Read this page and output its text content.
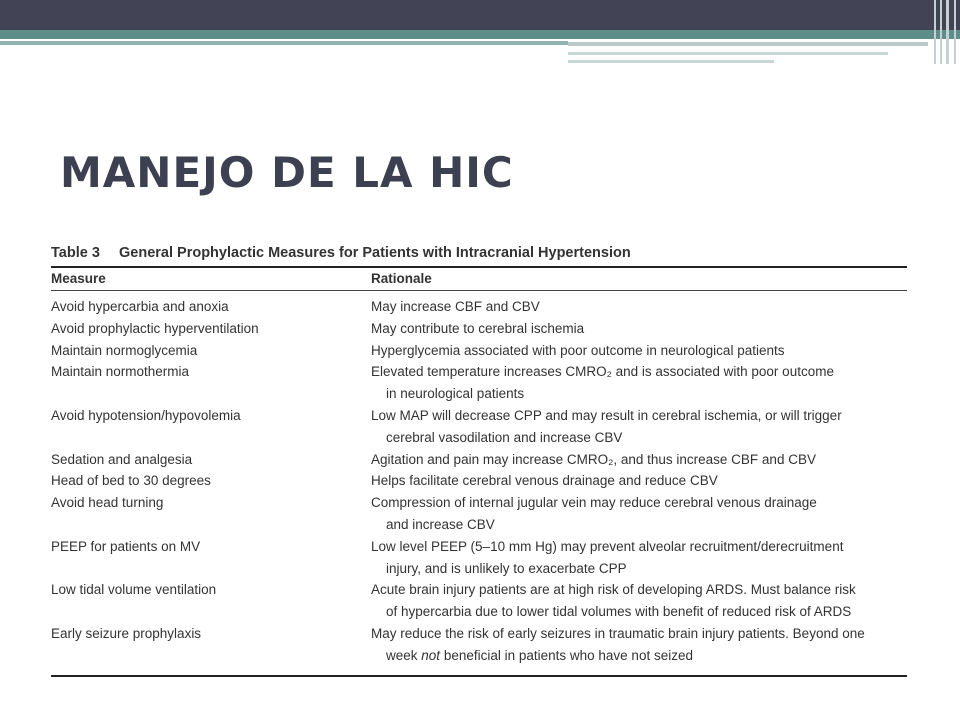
MANEJO DE LA HIC
Table 3 General Prophylactic Measures for Patients with Intracranial Hypertension
Measure	Rationale
Avoid hypercarbia and anoxia	May increase CBF and CBV
Avoid prophylactic hyperventilation	May contribute to cerebral ischemia
Maintain normoglycemia	Hyperglycemia associated with poor outcome in neurological patients
Maintain normothermia	Elevated temperature increases CMRO₂ and is associated with poor outcome
in neurological patients
Avoid hypotension/hypovolemia	Low MAP will decrease CPP and may result in cerebral ischemia, or will trigger
cerebral vasodilation and increase CBV
Sedation and analgesia	Agitation and pain may increase CMRO₂, and thus increase CBF and CBV
Head of bed to 30 degrees	Helps facilitate cerebral venous drainage and reduce CBV
Avoid head turning	Compression of internal jugular vein may reduce cerebral venous drainage
and increase CBV
PEEP for patients on MV	Low level PEEP (5–10 mm Hg) may prevent alveolar recruitment/derecruitment
injury, and is unlikely to exacerbate CPP
Low tidal volume ventilation	Acute brain injury patients are at high risk of developing ARDS. Must balance risk
of hypercarbia due to lower tidal volumes with benefit of reduced risk of ARDS
Early seizure prophylaxis	May reduce the risk of early seizures in traumatic brain injury patients. Beyond one
week not beneficial in patients who have not seized
